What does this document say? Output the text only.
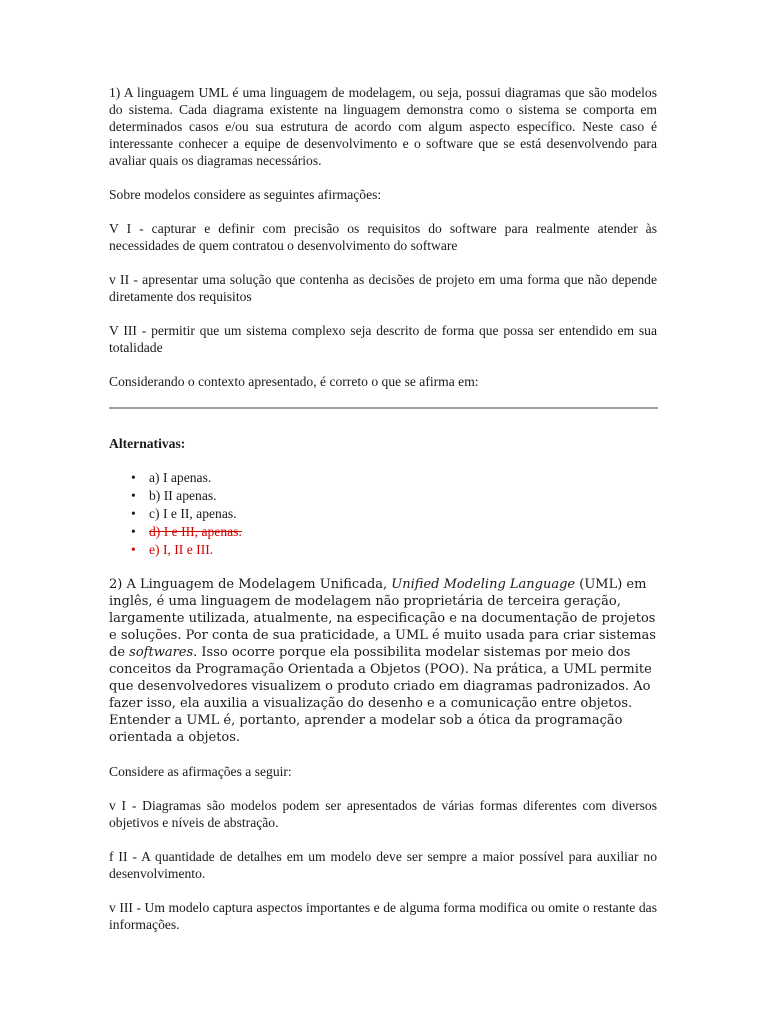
1) A linguagem UML é uma linguagem de modelagem, ou seja, possui diagramas que são modelos do sistema. Cada diagrama existente na linguagem demonstra como o sistema se comporta em determinados casos e/ou sua estrutura de acordo com algum aspecto específico. Neste caso é interessante conhecer a equipe de desenvolvimento e o software que se está desenvolvendo para avaliar quais os diagramas necessários.

Sobre modelos considere as seguintes afirmações:

V I - capturar e definir com precisão os requisitos do software para realmente atender às necessidades de quem contratou o desenvolvimento do software

v II - apresentar uma solução que contenha as decisões de projeto em uma forma que não depende diretamente dos requisitos

V III - permitir que um sistema complexo seja descrito de forma que possa ser entendido em sua totalidade

Considerando o contexto apresentado, é correto o que se afirma em:

Alternativas:

• a) I apenas.
• b) II apenas.
• c) I e II, apenas.
• d) I e III, apenas.
• e) I, II e III.

2) A Linguagem de Modelagem Unificada, Unified Modeling Language (UML) em inglês, é uma linguagem de modelagem não proprietária de terceira geração, largamente utilizada, atualmente, na especificação e na documentação de projetos e soluções. Por conta de sua praticidade, a UML é muito usada para criar sistemas de softwares. Isso ocorre porque ela possibilita modelar sistemas por meio dos conceitos da Programação Orientada a Objetos (POO). Na prática, a UML permite que desenvolvedores visualizem o produto criado em diagramas padronizados. Ao fazer isso, ela auxilia a visualização do desenho e a comunicação entre objetos. Entender a UML é, portanto, aprender a modelar sob a ótica da programação orientada a objetos.

Considere as afirmações a seguir:

v I - Diagramas são modelos podem ser apresentados de várias formas diferentes com diversos objetivos e níveis de abstração.

f II - A quantidade de detalhes em um modelo deve ser sempre a maior possível para auxiliar no desenvolvimento.

v III - Um modelo captura aspectos importantes e de alguma forma modifica ou omite o restante das informações.
